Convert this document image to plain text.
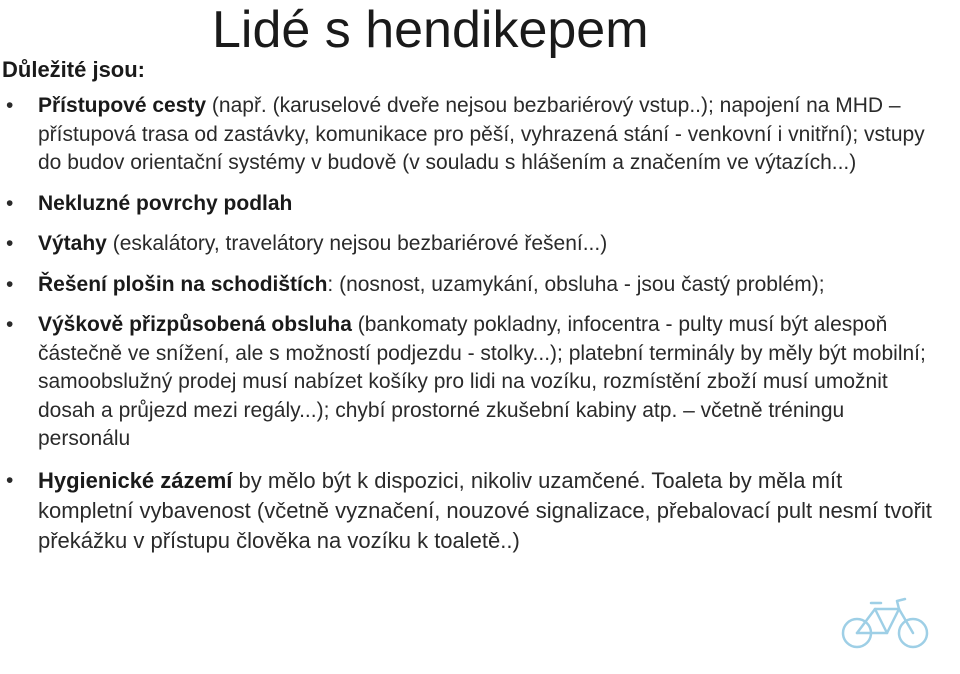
Lidé s hendikepem
Důležité jsou:
• Přístupové cesty (např. (karuselové dveře nejsou bezbariérový vstup..); napojení na MHD – přístupová trasa od zastávky, komunikace pro pěší, vyhrazená stání - venkovní i vnitřní); vstupy do budov orientační systémy v budově (v souladu s hlášením a značením ve výtazích...)
• Nekluzné povrchy podlah
• Výtahy (eskalátory, travelátory nejsou bezbariérové řešení...)
• Řešení plošin na schodištích: (nosnost, uzamykání, obsluha - jsou častý problém);
• Výškově přizpůsobená obsluha (bankomaty pokladny, infocentra - pulty musí být alespoň částečně ve snížení, ale s možností podjezdu - stolky...); platební terminály by měly být mobilní; samoobslužný prodej musí nabízet košíky pro lidi na vozíku, rozmístění zboží musí umožnit dosah a průjezd mezi regály...); chybí prostorné zkušební kabiny atp. – včetně tréningu personálu
• Hygienické zázemí by mělo být k dispozici, nikoliv uzamčené. Toaleta by měla mít kompletní vybavenost (včetně vyznačení, nouzové signalizace, přebalovací pult nesmí tvořit překážku v přístupu člověka na vozíku k toaletě..)
